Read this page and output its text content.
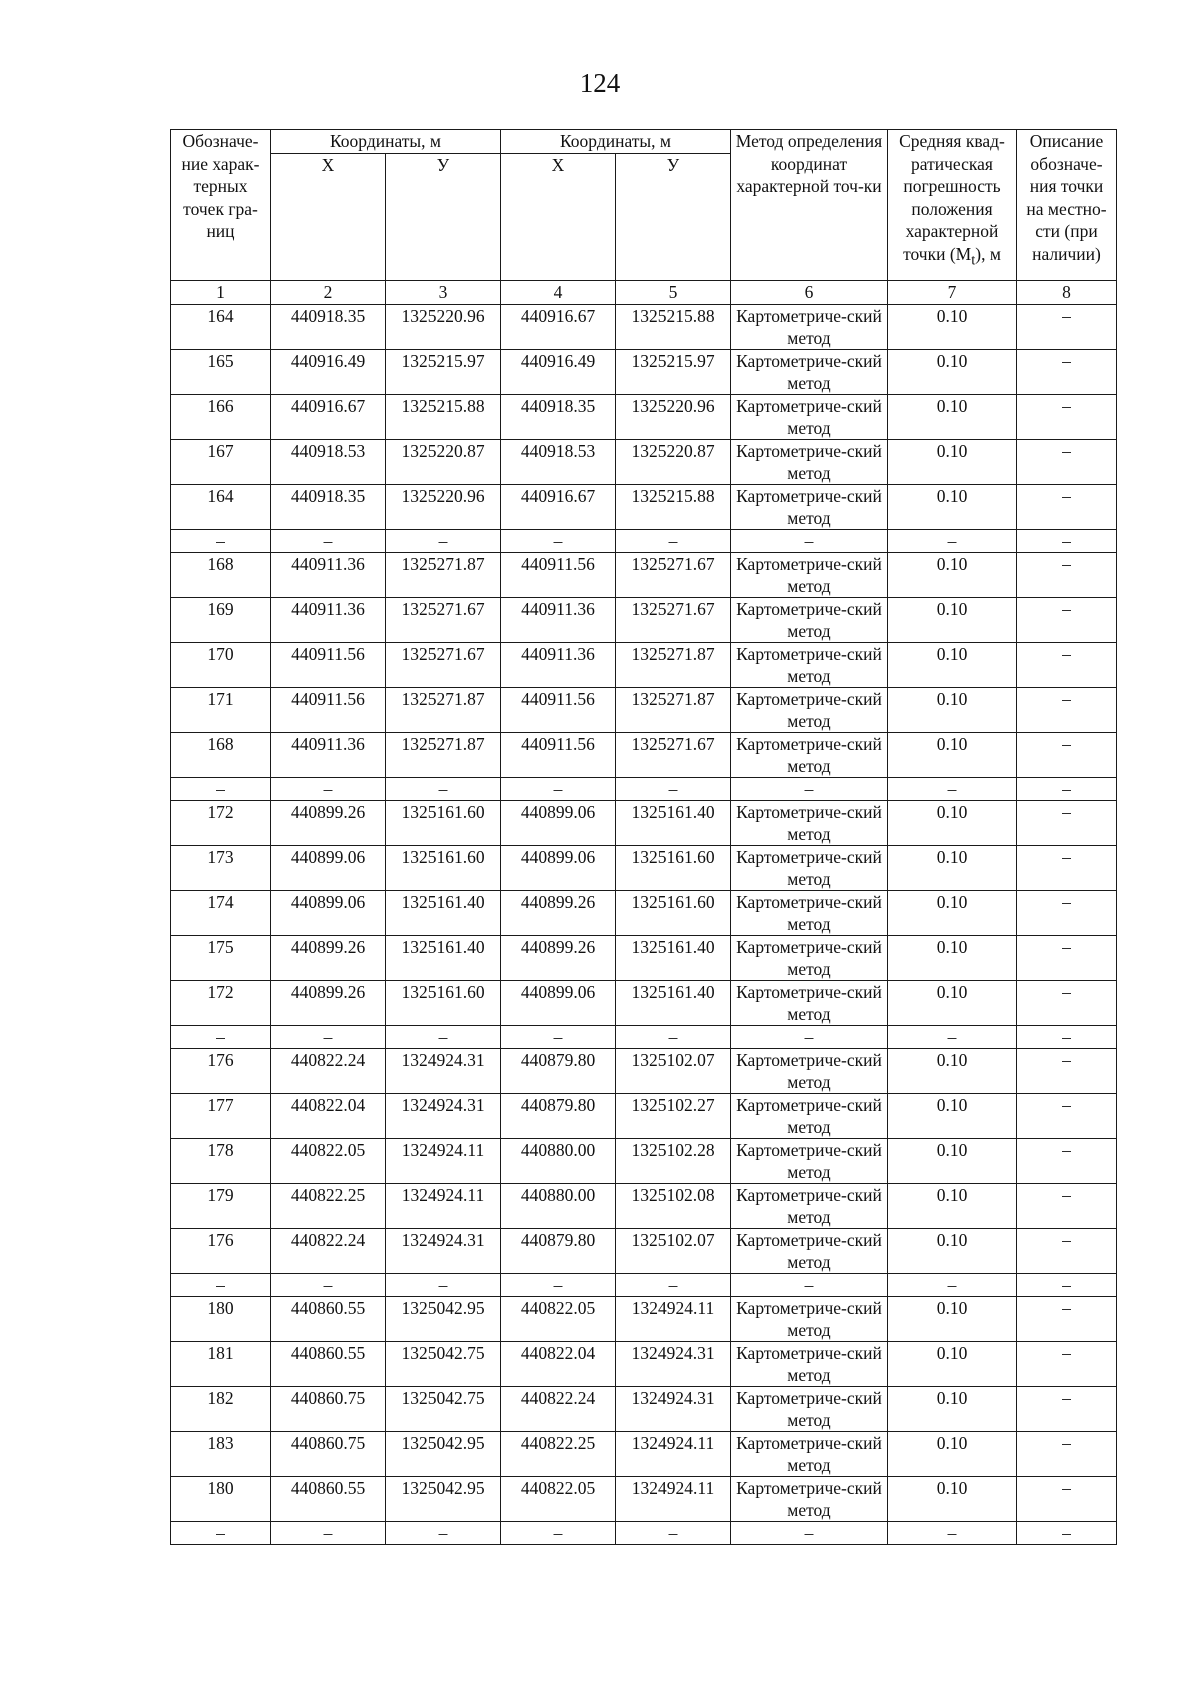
124
Обозначе-ние харак-терных точек гра-ниц	Координаты, м		Координаты, м		Метод определения координат характерной точ-ки	Средняя квад-ратическая погрешность положения характерной точки $(M_t)$, м	Описание обозначе-ния точки на местно-сти (при наличии)
	Х	У	Х	У			
1	2	3	4	5	6	7	8
164	440918.35	1325220.96	440916.67	1325215.88	Картометриче-ский метод	0.10	–
165	440916.49	1325215.97	440916.49	1325215.97	Картометриче-ский метод	0.10	–
166	440916.67	1325215.88	440918.35	1325220.96	Картометриче-ский метод	0.10	–
167	440918.53	1325220.87	440918.53	1325220.87	Картометриче-ский метод	0.10	–
164	440918.35	1325220.96	440916.67	1325215.88	Картометриче-ский метод	0.10	–
–	–	–	–	–	–	–	–
168	440911.36	1325271.87	440911.56	1325271.67	Картометриче-ский метод	0.10	–
169	440911.36	1325271.67	440911.36	1325271.67	Картометриче-ский метод	0.10	–
170	440911.56	1325271.67	440911.36	1325271.87	Картометриче-ский метод	0.10	–
171	440911.56	1325271.87	440911.56	1325271.87	Картометриче-ский метод	0.10	–
168	440911.36	1325271.87	440911.56	1325271.67	Картометриче-ский метод	0.10	–
–	–	–	–	–	–	–	–
172	440899.26	1325161.60	440899.06	1325161.40	Картометриче-ский метод	0.10	–
173	440899.06	1325161.60	440899.06	1325161.60	Картометриче-ский метод	0.10	–
174	440899.06	1325161.40	440899.26	1325161.60	Картометриче-ский метод	0.10	–
175	440899.26	1325161.40	440899.26	1325161.40	Картометриче-ский метод	0.10	–
172	440899.26	1325161.60	440899.06	1325161.40	Картометриче-ский метод	0.10	–
–	–	–	–	–	–	–	–
176	440822.24	1324924.31	440879.80	1325102.07	Картометриче-ский метод	0.10	–
177	440822.04	1324924.31	440879.80	1325102.27	Картометриче-ский метод	0.10	–
178	440822.05	1324924.11	440880.00	1325102.28	Картометриче-ский метод	0.10	–
179	440822.25	1324924.11	440880.00	1325102.08	Картометриче-ский метод	0.10	–
176	440822.24	1324924.31	440879.80	1325102.07	Картометриче-ский метод	0.10	–
–	–	–	–	–	–	–	–
180	440860.55	1325042.95	440822.05	1324924.11	Картометриче-ский метод	0.10	–
181	440860.55	1325042.75	440822.04	1324924.31	Картометриче-ский метод	0.10	–
182	440860.75	1325042.75	440822.24	1324924.31	Картометриче-ский метод	0.10	–
183	440860.75	1325042.95	440822.25	1324924.11	Картометриче-ский метод	0.10	–
180	440860.55	1325042.95	440822.05	1324924.11	Картометриче-ский метод	0.10	–
–	–	–	–	–	–	–	–
